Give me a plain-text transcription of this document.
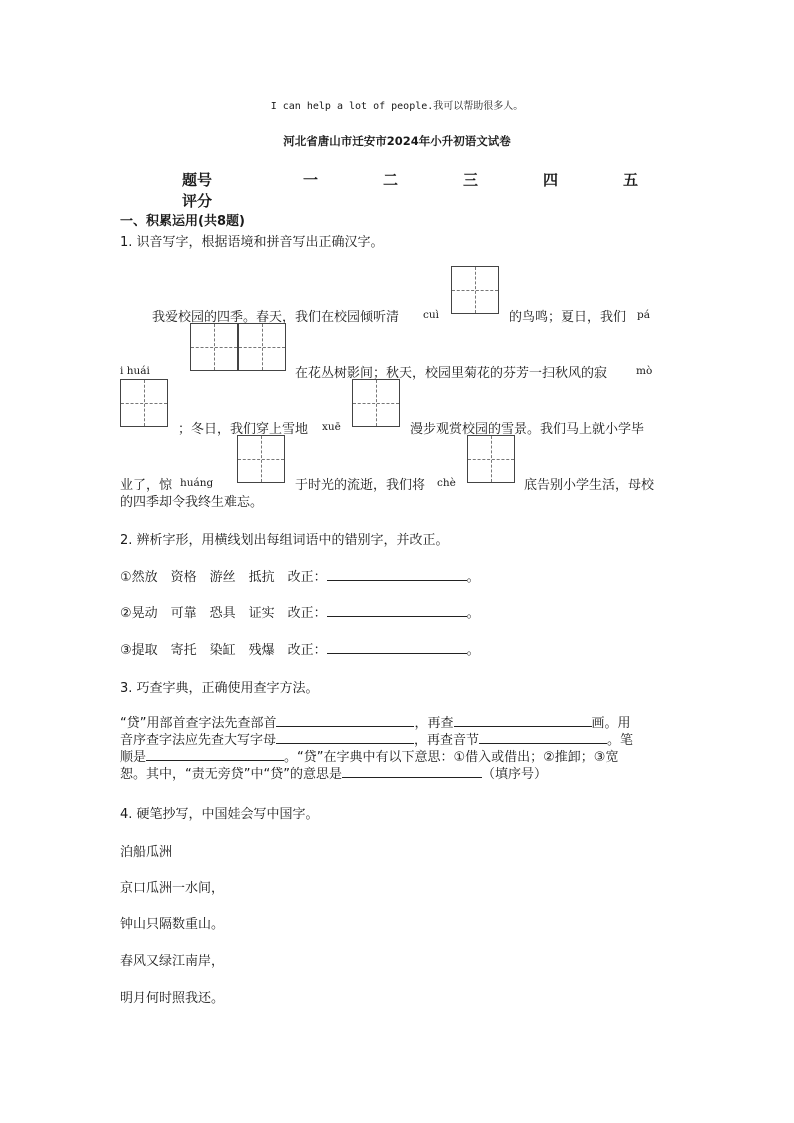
I can help a lot of people.我可以帮助很多人。
河北省唐山市迁安市2024年小升初语文试卷
题号	一	二	三	四	五
评分
一、积累运用(共8题)
1. 识音写字，根据语境和拼音写出正确汉字。
我爱校园的四季。春天，我们在校园倾听清 cuì	的鸟鸣；夏日，我们 pá
i huái	在花丛树影间；秋天，校园里菊花的芬芳一扫秋风的寂	mò
；冬日，我们穿上雪地 xuē	漫步观赏校园的雪景。我们马上就小学毕
业了，惊 huáng	于时光的流逝，我们将 chè	底告别小学生活，母校
的四季却令我终生难忘。
2. 辨析字形，用横线划出每组词语中的错别字，并改正。
①然放　资格　游丝　抵抗　改正：	。
②晃动　可靠　恐具　证实　改正：	。
③提取　寄托　染缸　残爆　改正：	。
3. 巧查字典，正确使用查字方法。
“贷”用部首查字法先查部首	，再查	画。用
音序查字法应先查大写字母	，再查音节	。笔
顺是	。“贷”在字典中有以下意思：①借入或借出；②推卸；③宽
恕。其中，“责无旁贷”中“贷”的意思是	（填序号）
4. 硬笔抄写，中国娃会写中国字。
泊船瓜洲
京口瓜洲一水间，
钟山只隔数重山。
春风又绿江南岸，
明月何时照我还。
